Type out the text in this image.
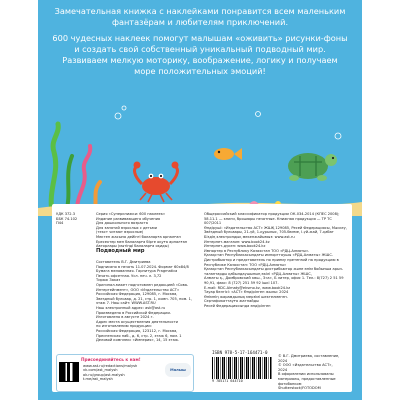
Замечательная книжка с наклейками понравится всем маленьким фантазёрам и любителям приключений.

600 чудесных наклеек помогут малышам «оживить» рисунки-фоны и создать свой собственный уникальный подводный мир. Развиваем мелкую моторику, воображение, логику и получаем море положительных эмоций!

УДК 372.3
ББК 74.102
П44
Серия «Суперкнижки: 600 наклеек»
Издание развивающего обучения
Для дошкольного возраста
Для занятий взрослых с детьми
(текст читают взрослые)
Мектеп жасына дейінгі балаларға арналған
Ересектер мен балаларға бірге оқуға арналған
Авторлары (мәтінді балаларға оқиды)
Подводный мир
Составитель В.Г. Дмитриева
Подписано в печать 11.07.2024. Формат 60х84/8
Бумага мелованная. Гарнитура Pragmatica
Печать офсетная. Усл. печ. л. 3,72
Тираж Заказ
Оригинал-макет подготовлен редакцией «Сова-
Интертейнмент», ООО «Издательство АСТ»
Российская Федерация, 129085, г. Москва,
Звездный бульвар, д. 21, стр. 1, комн. 705, пом. 1,
этаж 7. Наш сайт: WWW.AST.RU
Наш электронный адрес: ask@ast.ru
Произведено в Российской Федерации.
Изготовлено в августе 2024 г.
Адрес места осуществления деятельности
по изготовлению продукции:
Российская Федерация, 123112, г. Москва,
Пресненская наб., д. 6, стр. 2, этаж 6, пом. 1
Деловой комплекс «Империя», 14, 15 этаж.
Общероссийский классификатор продукции ОК-034-2014 (КПЕС 2008); 58.11.1 — книги, брошюры печатные. Книжная продукция — ТР ТС 007/2011
Өндіруші: «Издательство АСТ» ЖШҚ 129085, Ресей Федерациясы, Мәскеу, Звёздный бульвары, 21-үй, 1-құрылыс, 705-бөлме, I-үй-жай, 7-қабат
Біздің электрондық мекенжайымыз: www.ast.ru
Интернет-магазин: www.book24.kz
Интернет-дүкен: www.book24.kz
Импортер в Республику Казахстан ТОО «РДЦ-Алматы».
Қазақстан Республикасындағы импорттаушы «РДЦ-Алматы» ЖШС.
Дистрибьютор и представитель по приему претензий на продукцию в Республике Казахстан: ТОО «РДЦ-Алматы»
Қазақстан Республикасындағы дистрибьютор және өнім бойынша арыз-талаптарды қабылдаушының өкілі «РДЦ-Алматы» ЖШС,
Алматы қ., Домбровский көш., 3«а», Б литер, офис 1. Тел.: 8(727) 2 51 59 90,91, факс: 8 (727) 251 59 92 ішкі 107.
E-mail: RDC-Almaty@eksmo.kz, www.book24.kz
Тауар белгісі: «АСТ» Өндірілген жылы: 2024
Өнімнің жарамдылық мерзімі шектелмеген.
Сертификаттауға жатпайды
Ресей Федерациясында өндірілген
Присоединяйтесь к нам!
www.ast.ru/redactions/malysh
vk.com/ast_malysh
ok.ru/group/ast.malysh
t.me/ast_malysh
Малыш
ISBN 978-5-17-164471-0
9 785171 644710
© В.Г. Дмитриева, составление, 2024
© ООО «Издательство АСТ», 2024
В оформлении использованы материалы, предоставленные фотобанком Shutterstock/FOTODOM
